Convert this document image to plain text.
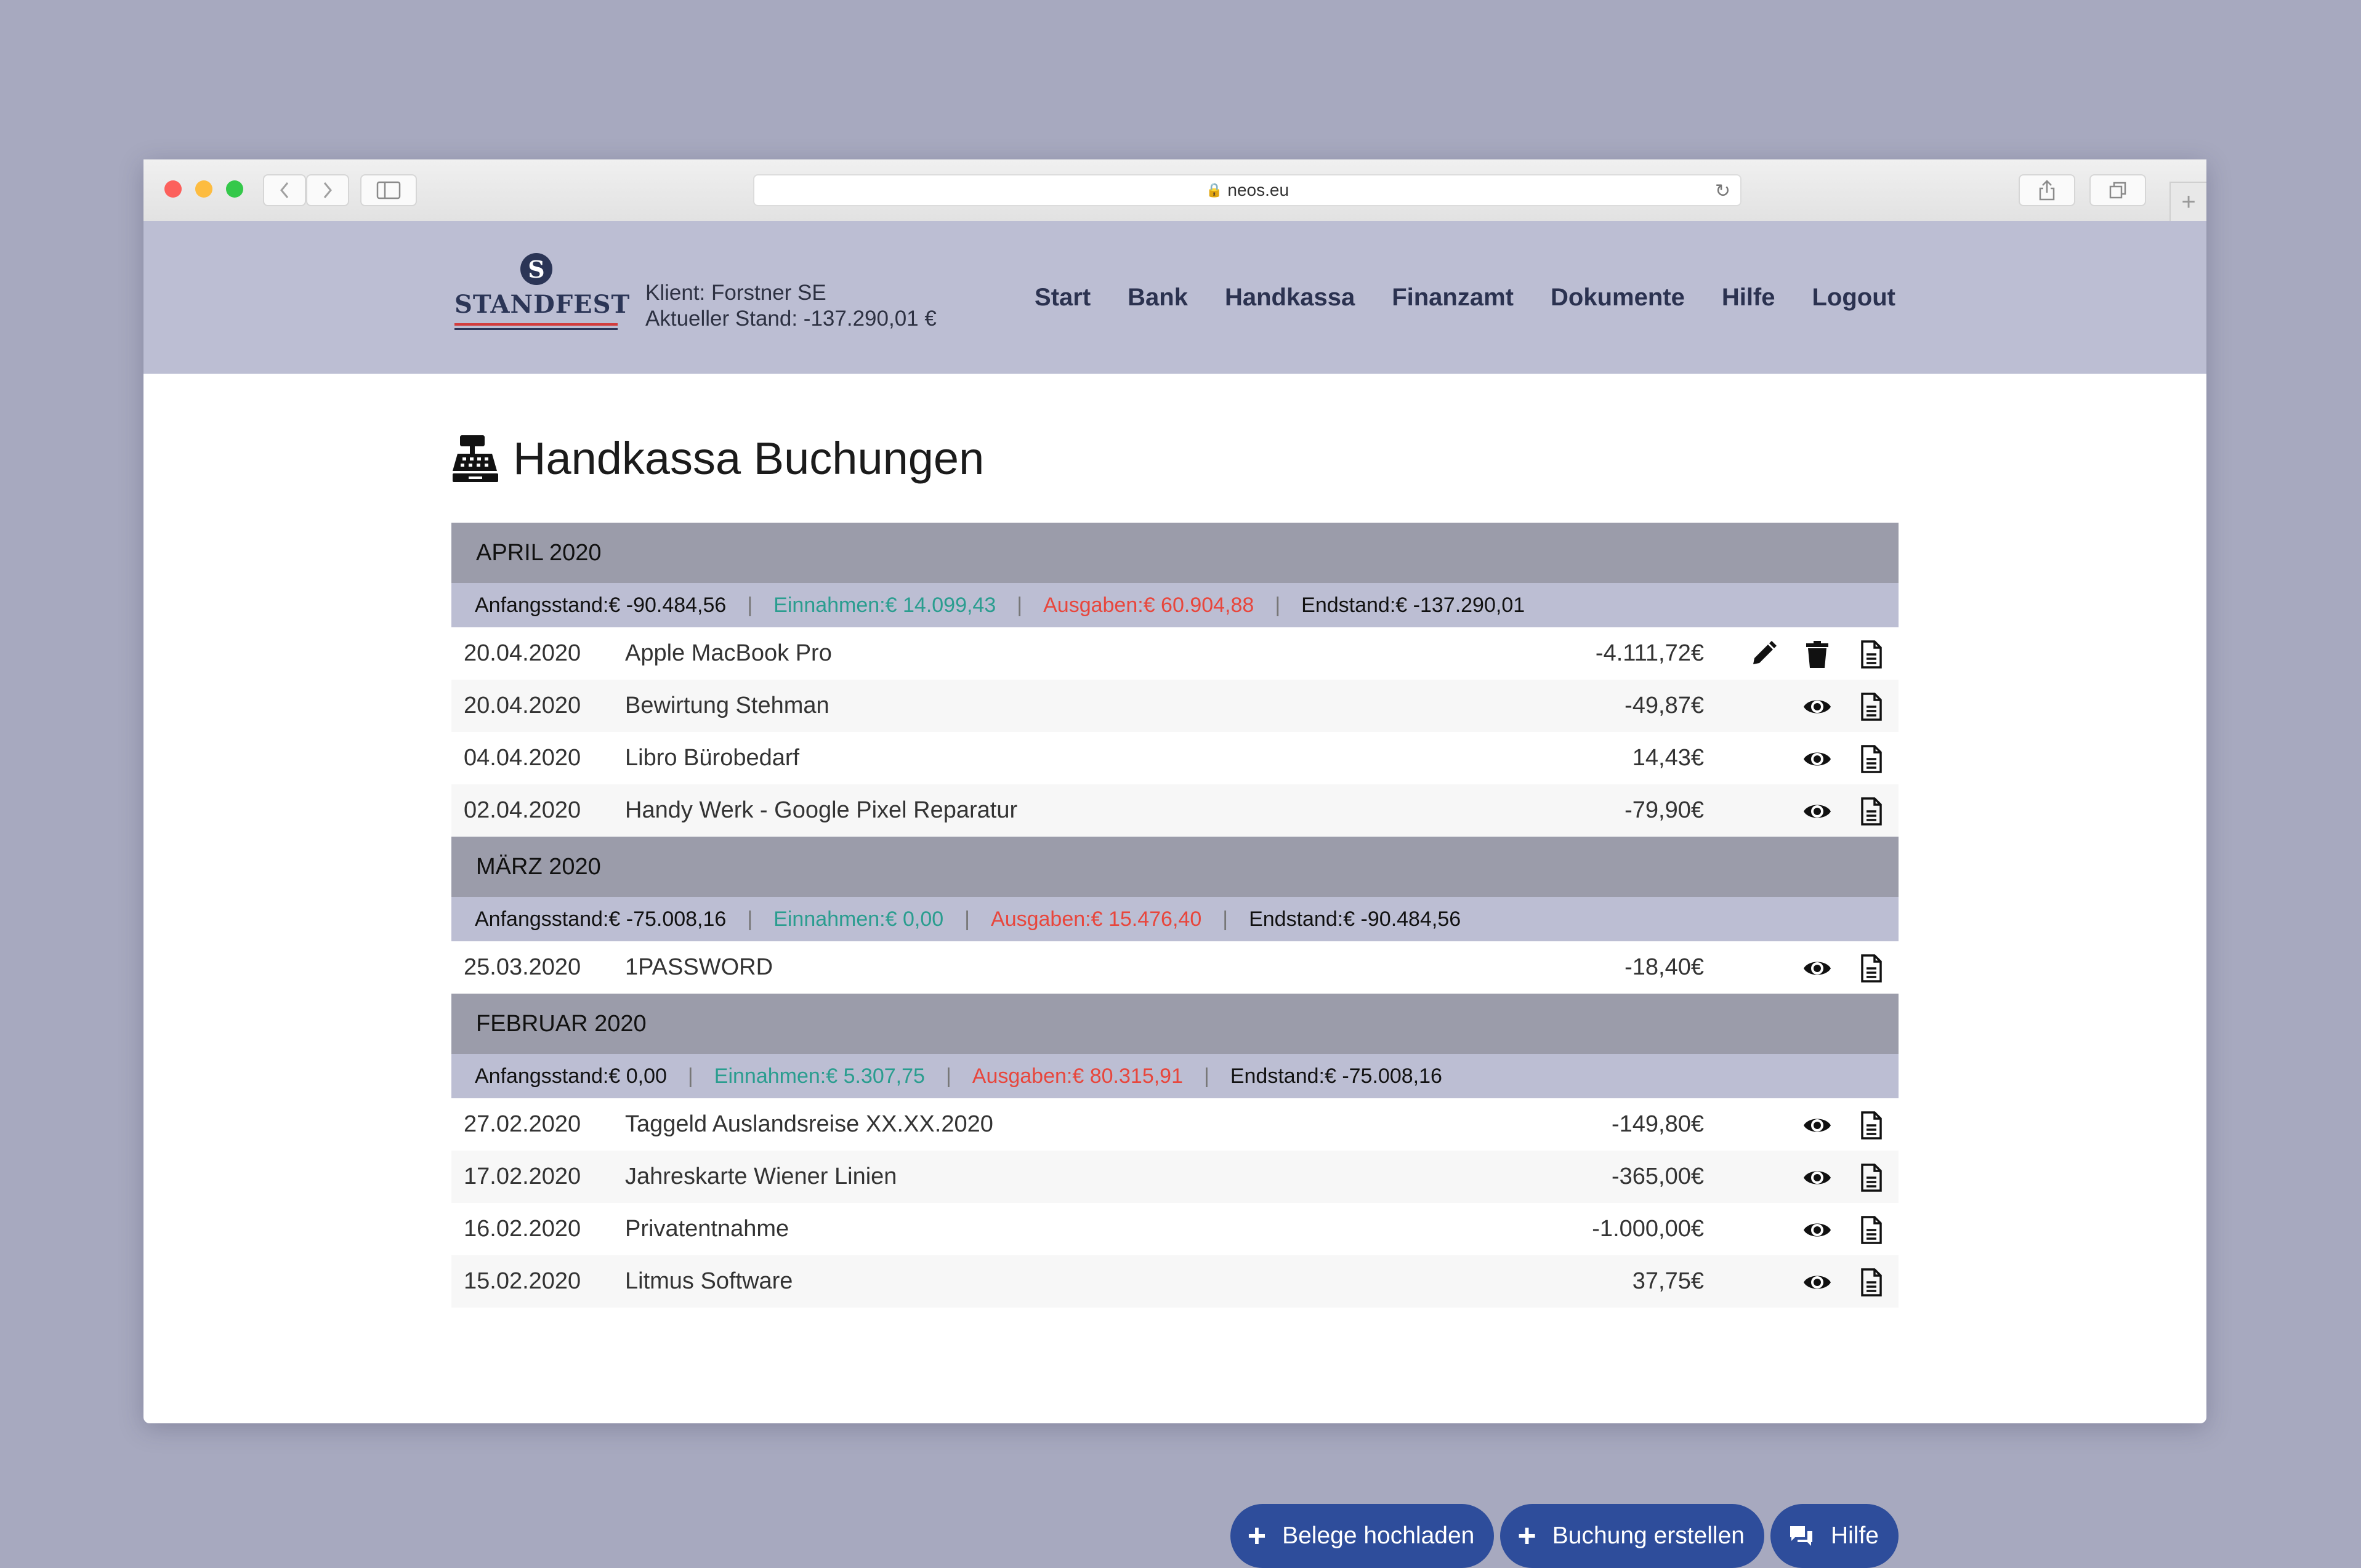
🔒 neos.eu	↻	+
S
STANDFEST Klient: Forstner SE
Aktueller Stand: -137.290,01 €
Start Bank Handkassa Finanzamt Dokumente Hilfe Logout
Handkassa Buchungen
APRIL 2020
Anfangsstand: € -90.484,56 | Einnahmen: € 14.099,43 | Ausgaben: € 60.904,88 | Endstand: € -137.290,01
20.04.2020 Apple MacBook Pro	-4.111,72€
20.04.2020 Bewirtung Stehman	-49,87€
04.04.2020 Libro Bürobedarf	14,43€
02.04.2020 Handy Werk - Google Pixel Reparatur	-79,90€
MÄRZ 2020
Anfangsstand: € -75.008,16 | Einnahmen: € 0,00 | Ausgaben: € 15.476,40 | Endstand: € -90.484,56
25.03.2020 1PASSWORD	-18,40€
FEBRUAR 2020
Anfangsstand: € 0,00 | Einnahmen: € 5.307,75 | Ausgaben: € 80.315,91 | Endstand: € -75.008,16
27.02.2020 Taggeld Auslandsreise XX.XX.2020	-149,80€
17.02.2020 Jahreskarte Wiener Linien	-365,00€
16.02.2020 Privatentnahme	-1.000,00€
15.02.2020 Litmus Software	37,75€
+ Belege hochladen + Buchung erstellen	Hilfe
